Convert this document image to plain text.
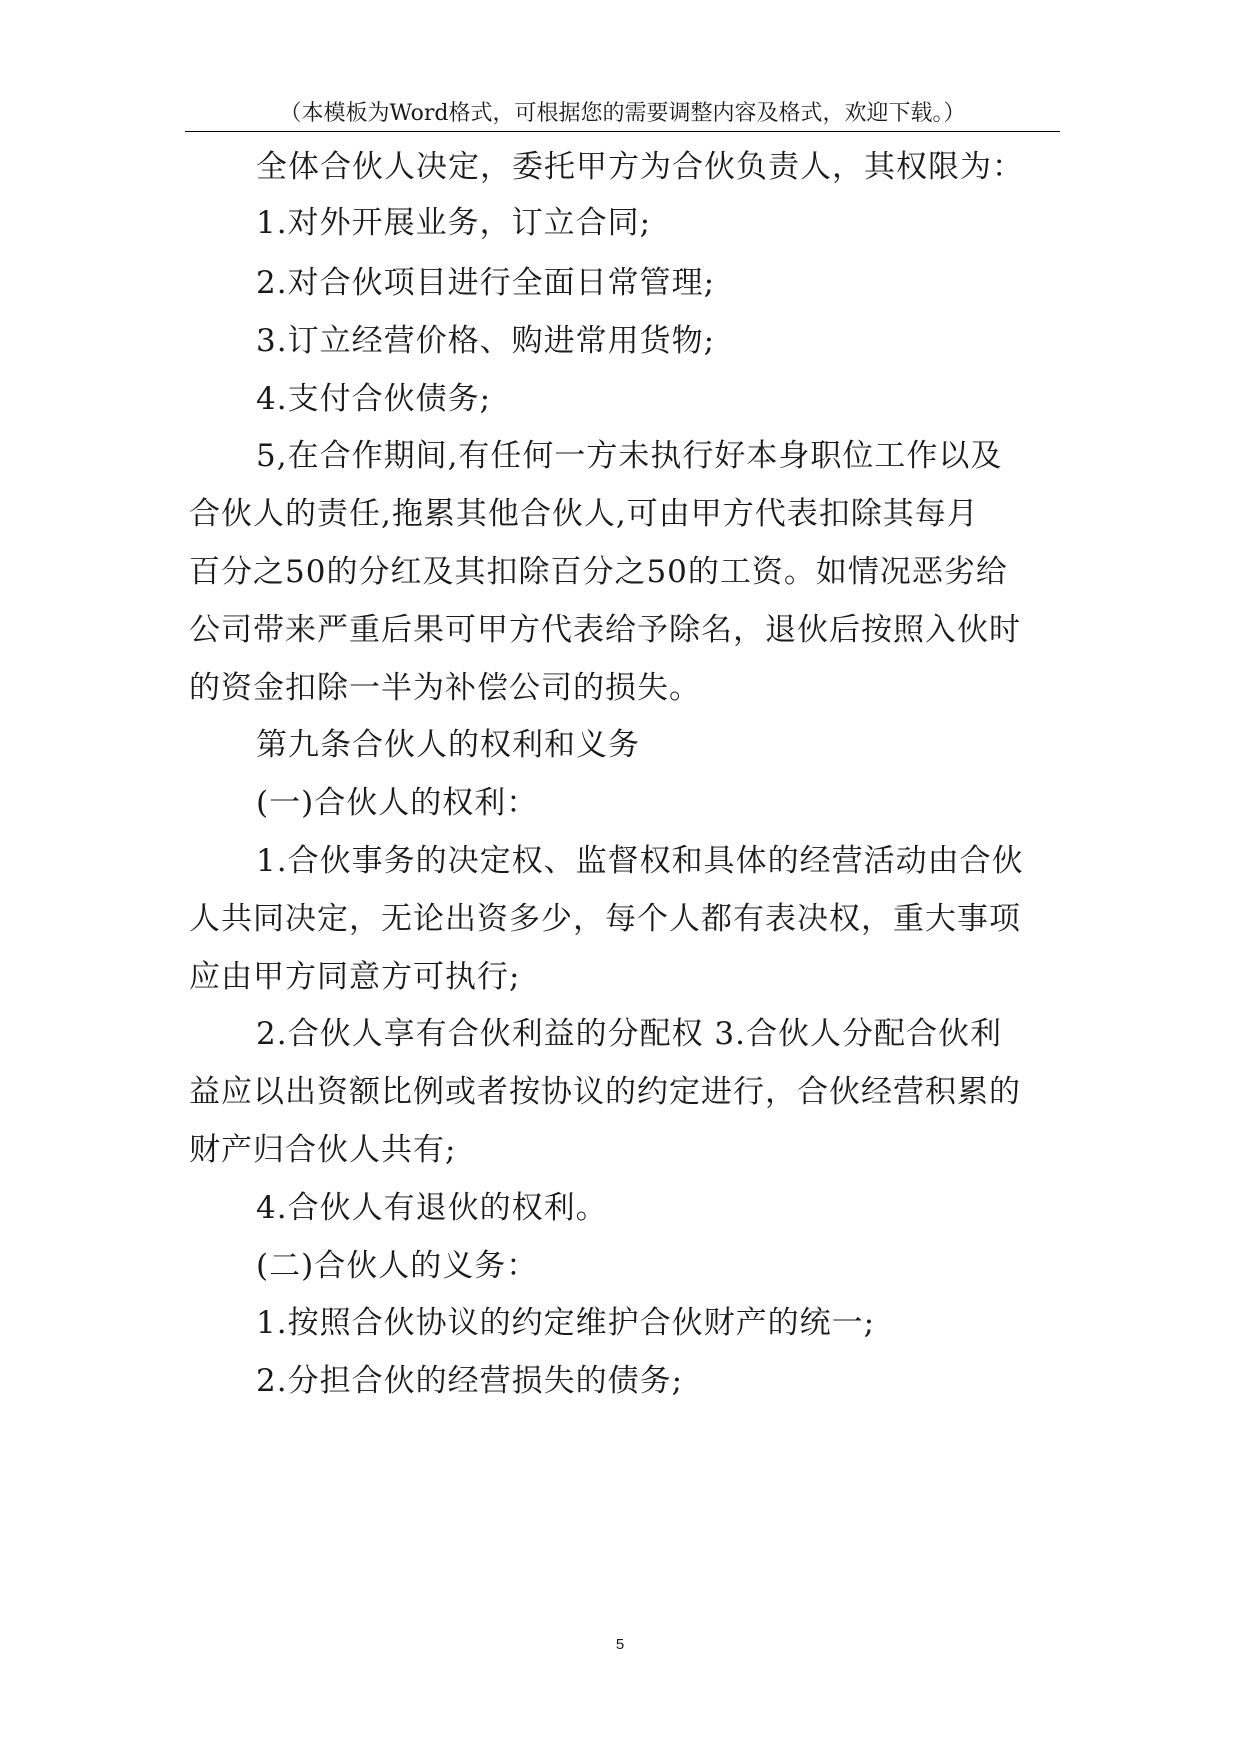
（本模板为Word格式，可根据您的需要调整内容及格式，欢迎下载。）
全体合伙人决定，委托甲方为合伙负责人，其权限为：
1.对外开展业务，订立合同;
2.对合伙项目进行全面日常管理;
3.订立经营价格、购进常用货物;
4.支付合伙债务;
5,在合作期间,有任何一方未执行好本身职位工作以及
合伙人的责任,拖累其他合伙人,可由甲方代表扣除其每月
百分之50的分红及其扣除百分之50的工资。如情况恶劣给
公司带来严重后果可甲方代表给予除名，退伙后按照入伙时
的资金扣除一半为补偿公司的损失。
第九条合伙人的权利和义务
(一)合伙人的权利：
1.合伙事务的决定权、监督权和具体的经营活动由合伙
人共同决定，无论出资多少，每个人都有表决权，重大事项
应由甲方同意方可执行;
2.合伙人享有合伙利益的分配权 3.合伙人分配合伙利
益应以出资额比例或者按协议的约定进行，合伙经营积累的
财产归合伙人共有;
4.合伙人有退伙的权利。
(二)合伙人的义务：
1.按照合伙协议的约定维护合伙财产的统一;
2.分担合伙的经营损失的债务;
5
